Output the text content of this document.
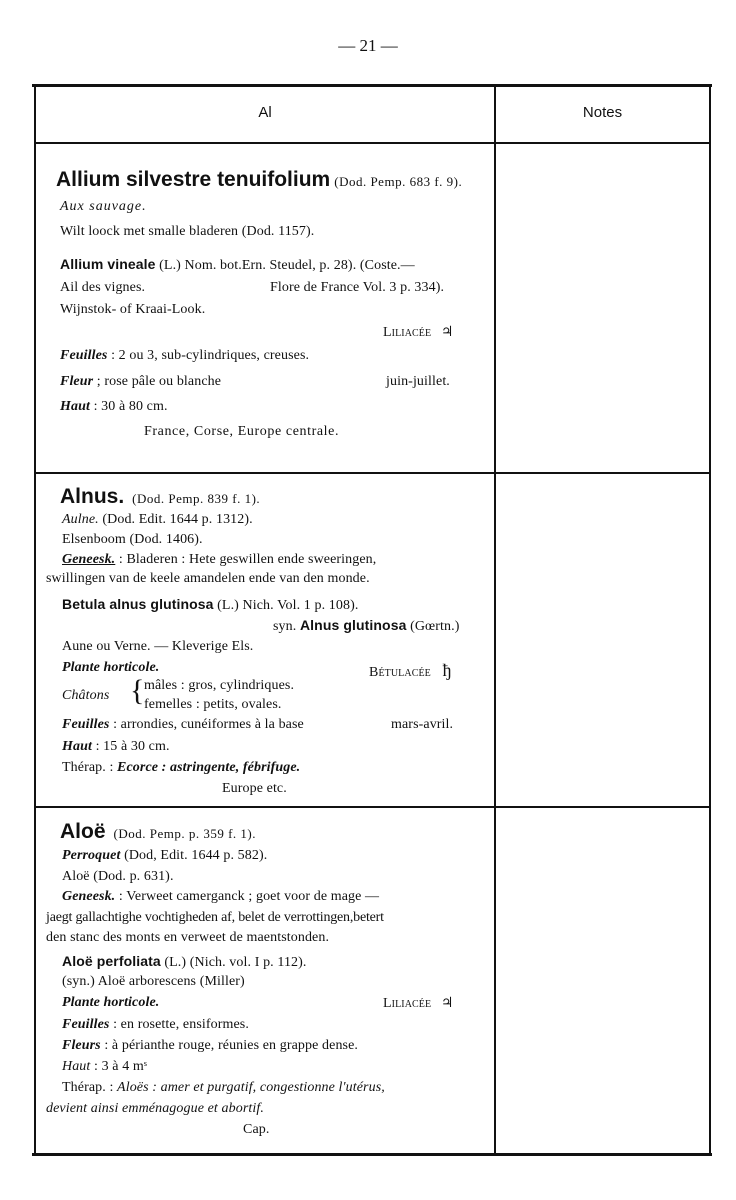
— 21 —
Al	Notes
Allium silvestre tenuifolium (Dod. Pemp. 683 f. 9).
Aux sauvage.
Wilt loock met smalle bladeren (Dod. 1157).
Allium vineale (L.) Nom. bot.Ern. Steudel, p. 28). (Coste.—
Ail des vignes.	Flore de France Vol. 3 p. 334).
Wijnstok- of Kraai-Look.
Liliacée ♃
Feuilles : 2 ou 3, sub-cylindriques, creuses.
Fleur ; rose pâle ou blanche	juin-juillet.
Haut : 30 à 80 cm.
France, Corse, Europe centrale.
Alnus. (Dod. Pemp. 839 f. 1).
Aulne. (Dod. Edit. 1644 p. 1312).
Elsenboom (Dod. 1406).
Geneesk. : Bladeren : Hete geswillen ende sweeringen,
swillingen van de keele amandelen ende van den monde.
Betula alnus glutinosa (L.) Nich. Vol. 1 p. 108).
syn. Alnus glutinosa (Gœrtn.)
Aune ou Verne. — Kleverige Els.
Plante horticole.	Bétulacée ђ
Châtons { mâles : gros, cylindriques.
femelles : petits, ovales.
Feuilles : arrondies, cunéiformes à la base	mars-avril.
Haut : 15 à 30 cm.
Thérap. : Ecorce : astringente, fébrifuge.
Europe etc.
Aloë (Dod. Pemp. p. 359 f. 1).
Perroquet (Dod, Edit. 1644 p. 582).
Aloë (Dod. p. 631).
Geneesk. : Verweet camerganck ; goet voor de mage —
jaegt gallachtighe vochtigheden af, belet de verrottingen,betert
den stanc des monts en verweet de maentstonden.
Aloë perfoliata (L.) (Nich. vol. I p. 112).
(syn.) Aloë arborescens (Miller)
Plante horticole.	Liliacée ♃
Feuilles : en rosette, ensiformes.
Fleurs : à périanthe rouge, réunies en grappe dense.
Haut : 3 à 4 mˢ
Thérap. : Aloës : amer et purgatif, congestionne l'utérus,
devient ainsi emménagogue et abortif.
Cap.
